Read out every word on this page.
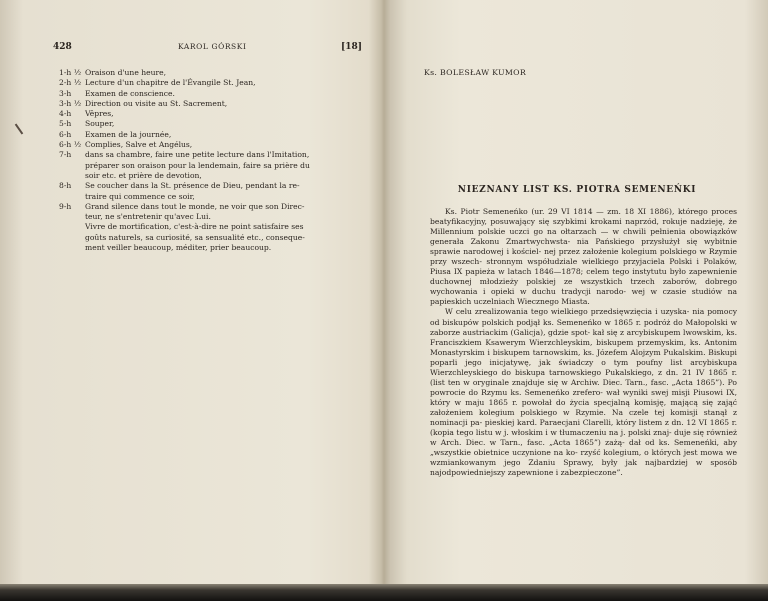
428	KAROL GÓRSKI	[18]
1-h ½ Oraison d'une heure,
2-h ½ Lecture d'un chapitre de l'Évangile St. Jean,
3-h	Examen de conscience.
3-h ½ Direction ou visite au St. Sacrement,
4-h	Vêpres,
5-h	Souper,
6-h	Examen de la journée,
6-h ½ Complies, Salve et Angélus,
7-h	dans sa chambre, faire une petite lecture dans l'Imitation,
préparer son oraison pour la lendemain, faire sa prière du
soir etc. et prière de devotion,
8-h	Se coucher dans la St. présence de Dieu, pendant la re-
traire qui commence ce soir,
9-h	Grand silence dans tout le monde, ne voir que son Direc-
teur, ne s'entretenir qu'avec Lui.
Vivre de mortification, c'est-à-dire ne point satisfaire ses
goûts naturels, sa curiosité, sa sensualité etc., conseque-
ment veiller beaucoup, méditer, prier beaucoup.
Ks. BOLESŁAW KUMOR
NIEZNANY LIST KS. PIOTRA SEMENEŃKI

Ks. Piotr Semeneńko (ur. 29 VI 1814 — zm. 18 XI 1886), którego proces beatyfikacyjny, posuwający się szybkimi krokami naprzód, rokuje nadzieję, że Millennium polskie uczci go na ołtarzach — w chwili pełnienia obowiązków generała Zakonu Zmartwychwsta- nia Pańskiego przysłużył się wybitnie sprawie narodowej i kościel- nej przez założenie kolegium polskiego w Rzymie przy wszech- stronnym współudziale wielkiego przyjaciela Polski i Polaków, Piusa IX papieża w latach 1846—1878; celem tego instytutu było zapewnienie duchownej młodzieży polskiej ze wszystkich trzech zaborów, dobrego wychowania i opieki w duchu tradycji narodo- wej w czasie studiów na papieskich uczelniach Wiecznego Miasta.

W celu zrealizowania tego wielkiego przedsięwzięcia i uzyska- nia pomocy od biskupów polskich podjął ks. Semeneńko w 1865 r. podróż do Małopolski w zaborze austriackim (Galicja), gdzie spot- kał się z arcybiskupem lwowskim, ks. Franciszkiem Ksawerym Wierzchleyskim, biskupem przemyskim, ks. Antonim Monastyrskim i biskupem tarnowskim, ks. Józefem Alojzym Pukalskim. Biskupi poparli jego inicjatywę, jak świadczy o tym poufny list arcybiskupa Wierzchleyskiego do biskupa tarnowskiego Pukalskiego, z dn. 21 IV 1865 r. (list ten w oryginale znajduje się w Archiw. Diec. Tarn., fasc. „Acta 1865”). Po powrocie do Rzymu ks. Semeneńko zrefero- wał wyniki swej misji Piusowi IX, który w maju 1865 r. powołał do życia specjalną komisję, mającą się zająć założeniem kolegium polskiego w Rzymie. Na czele tej komisji stanął z nominacji pa- pieskiej kard. Paraecjani Clarelli, który listem z dn. 12 VI 1865 r. (kopia tego listu w j. włoskim i w tłumaczeniu na j. polski znaj- duje się również w Arch. Diec. w Tarn., fasc. „Acta 1865”) zażą- dał od ks. Semeneńki, aby „wszystkie obietnice uczynione na ko- rzyść kolegium, o których jest mowa we wzmiankowanym jego Zdaniu Sprawy, były jak najbardziej w sposób najodpowiedniejszy zapewnione i zabezpieczone”.
